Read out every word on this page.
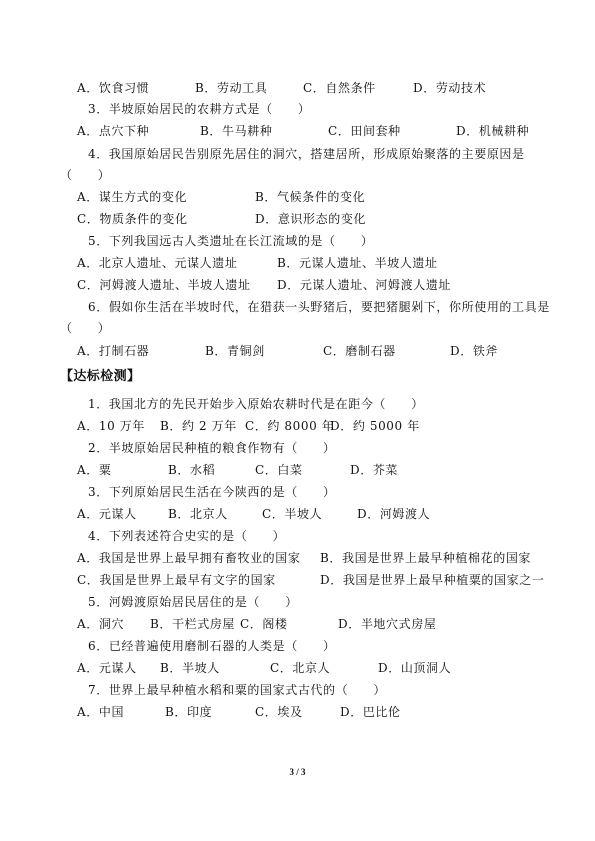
A．饮食习惯	B．劳动工具	C．自然条件	D．劳动技术
3．半坡原始居民的农耕方式是（　　）
A．点穴下种	B．牛马耕种	C．田间套种	D．机械耕种
4．我国原始居民告别原先居住的洞穴，搭建居所，形成原始聚落的主要原因是
（　　）
A．谋生方式的变化	B．气候条件的变化
C．物质条件的变化	D．意识形态的变化
5．下列我国远古人类遗址在长江流域的是（　　）
A．北京人遗址、元谋人遗址	B．元谋人遗址、半坡人遗址
C．河姆渡人遗址、半坡人遗址 D．元谋人遗址、河姆渡人遗址
6．假如你生活在半坡时代，在猎获一头野猪后，要把猪腿剁下，你所使用的工具是
（　　）
A．打制石器	B．青铜剑	C．磨制石器	D．铁斧
【达标检测】
1．我国北方的先民开始步入原始农耕时代是在距今（　　）
A．10 万年 B．约 2 万年 C．约 8000 年
D．约 5000 年
2．半坡原始居民种植的粮食作物有（　　）
A．粟	B．水稻	C．白菜	D．芥菜
3．下列原始居民生活在今陕西的是（　　）
A．元谋人	B．北京人	C．半坡人	D．河姆渡人
4．下列表述符合史实的是（　　）
A．我国是世界上最早拥有畜牧业的国家 B．我国是世界上最早种植棉花的国家
C．我国是世界上最早有文字的国家	D．我国是世界上最早种植粟的国家之一
5．河姆渡原始居民居住的是（　　）
A．洞穴 B．干栏式房屋 C．阁楼	D．半地穴式房屋
6．已经普遍使用磨制石器的人类是（　　）
A．元谋人 B．半坡人	C．北京人	D．山顶洞人
7．世界上最早种植水稻和粟的国家式古代的（　　）
A．中国	B．印度	C．埃及	D．巴比伦
3 / 3
